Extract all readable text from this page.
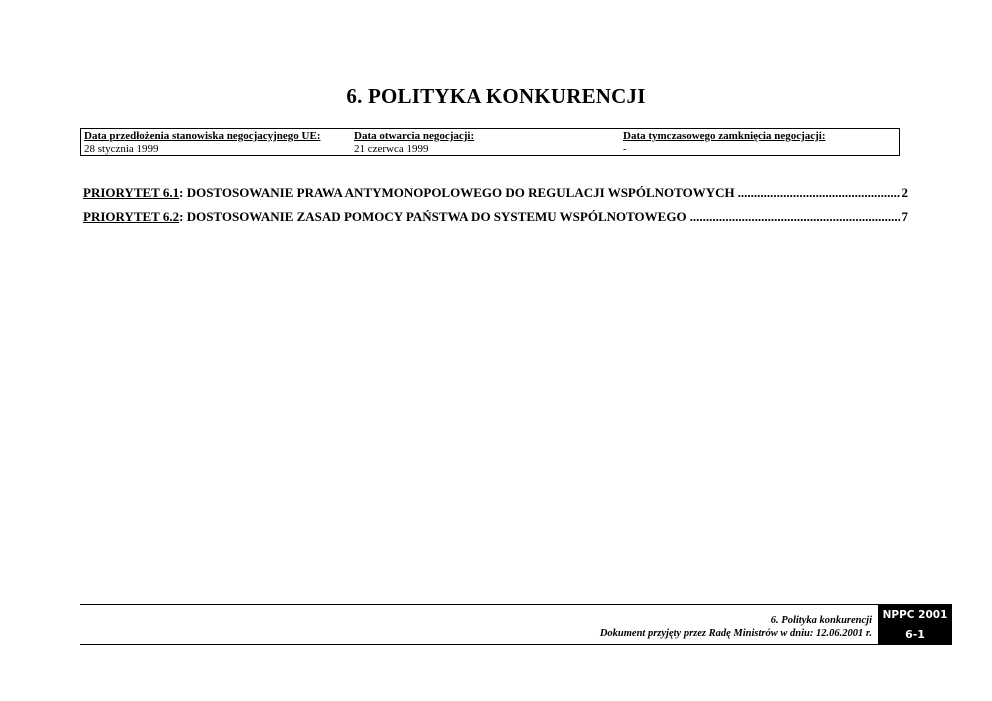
6. POLITYKA KONKURENCJI
Data przedłożenia stanowiska negocjacyjnego UE:
28 stycznia 1999
Data otwarcia negocjacji:
21 czerwca 1999
Data tymczasowego zamknięcia negocjacji:
-
PRIORYTET 6.1 : DOSTOSOWANIE PRAWA ANTYMONOPOLOWEGO DO REGULACJI WSPÓLNOTOWYCH .....	2
PRIORYTET 6.2 : DOSTOSOWANIE ZASAD POMOCY PAŃSTWA DO SYSTEMU WSPÓLNOTOWEGO .....	7
6. Polityka konkurencji
Dokument przyjęty przez Radę Ministrów w dniu: 12.06.2001 r.
NPPC 2001
6-1
